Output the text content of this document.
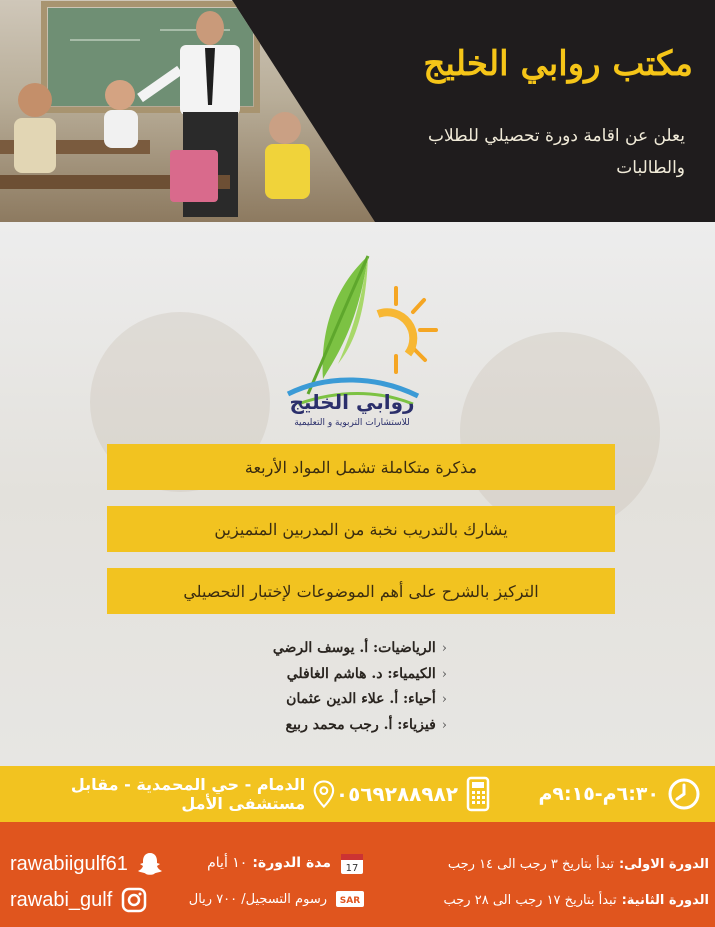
مكتب روابي الخليج
يعلن عن اقامة دورة تحصيلي للطلاب والطالبات
روابي الخليج
للاستشارات التربوية و التعليمية
مذكرة متكاملة تشمل المواد الأربعة
يشارك بالتدريب نخبة من المدربين المتميزين
التركيز بالشرح على أهم الموضوعات لإختبار التحصيلي
‹الرياضيات: أ. يوسف الرضي
‹الكيمياء: د. هاشم الغافلي
‹أحياء: أ. علاء الدين عثمان
‹فيزياء: أ. رجب محمد ربيع
٦:٣٠م-٩:١٥م
٠٥٦٩٢٨٨٩٨٢
الدمام - حي المحمدية - مقابل مستشفى الأمل
الدورة الاولى:
تبدأ بتاريخ ٣ رجب الى ١٤ رجب
الدورة الثانية:
تبدأ بتاريخ ١٧ رجب الى ٢٨ رجب
17
مدة الدورة:
١٠ أيام
SAR
رسوم التسجيل/ ٧٠٠ ريال
rawabiigulf61
rawabi_gulf
